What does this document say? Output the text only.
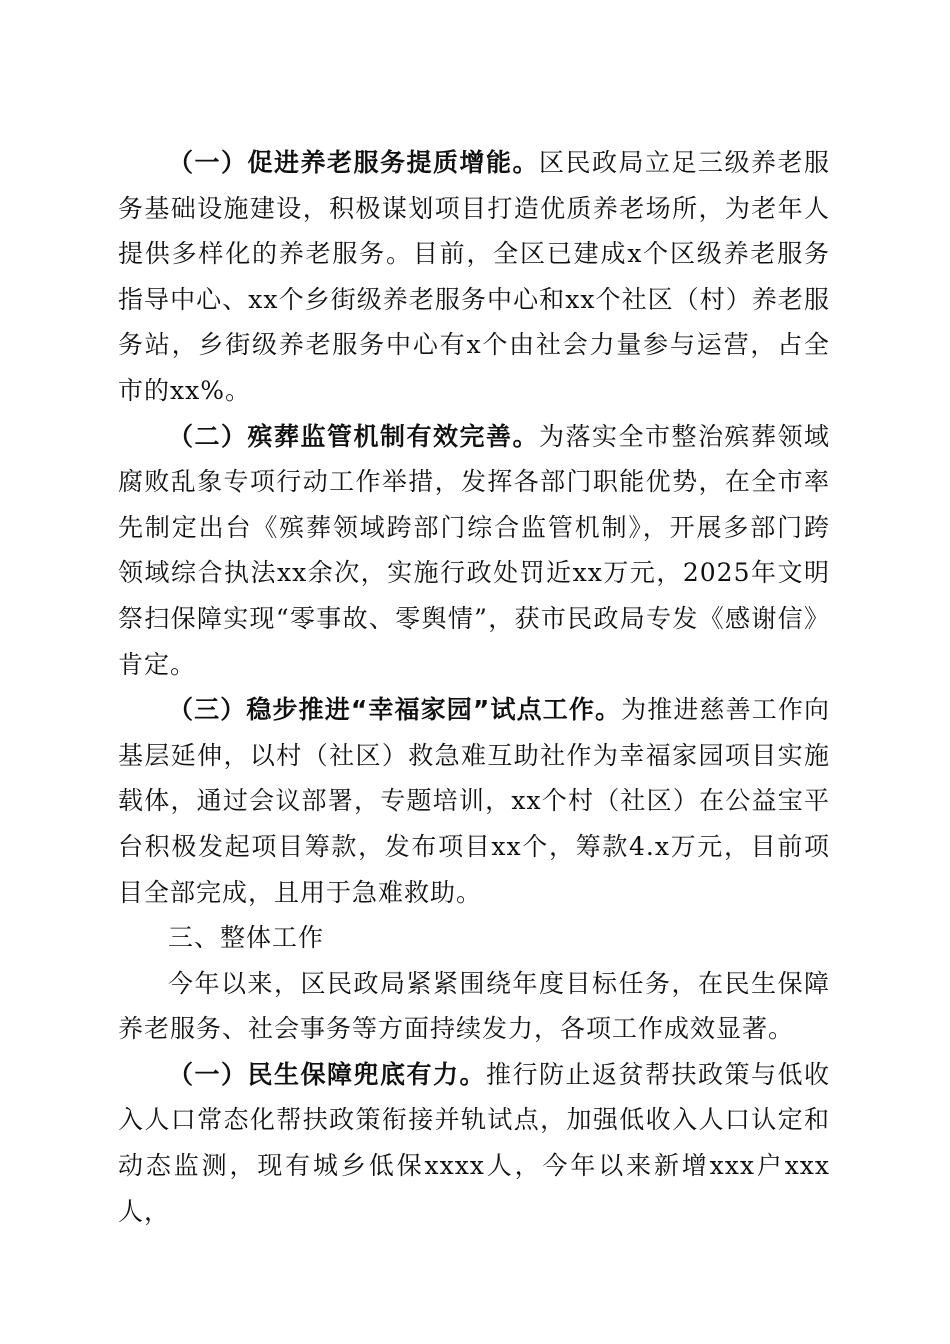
（一）促进养老服务提质增能。区民政局立足三级养老服务基础设施建设，积极谋划项目打造优质养老场所，为老年人提供多样化的养老服务。目前，全区已建成x个区级养老服务指导中心、xx个乡街级养老服务中心和xx个社区（村）养老服务站，乡街级养老服务中心有x个由社会力量参与运营，占全市的xx%。

（二）殡葬监管机制有效完善。为落实全市整治殡葬领域腐败乱象专项行动工作举措，发挥各部门职能优势，在全市率先制定出台《殡葬领域跨部门综合监管机制》，开展多部门跨领域综合执法xx余次，实施行政处罚近xx万元，2025年文明祭扫保障实现“零事故、零舆情”，获市民政局专发《感谢信》肯定。

（三）稳步推进“幸福家园”试点工作。为推进慈善工作向基层延伸，以村（社区）救急难互助社作为幸福家园项目实施载体，通过会议部署，专题培训，xx个村（社区）在公益宝平台积极发起项目筹款，发布项目xx个，筹款4.x万元，目前项目全部完成，且用于急难救助。

三、整体工作

今年以来，区民政局紧紧围绕年度目标任务，在民生保障养老服务、社会事务等方面持续发力，各项工作成效显著。

（一）民生保障兜底有力。推行防止返贫帮扶政策与低收入人口常态化帮扶政策衔接并轨试点，加强低收入人口认定和动态监测，现有城乡低保xxxx人，今年以来新增xxx户xxx人，
